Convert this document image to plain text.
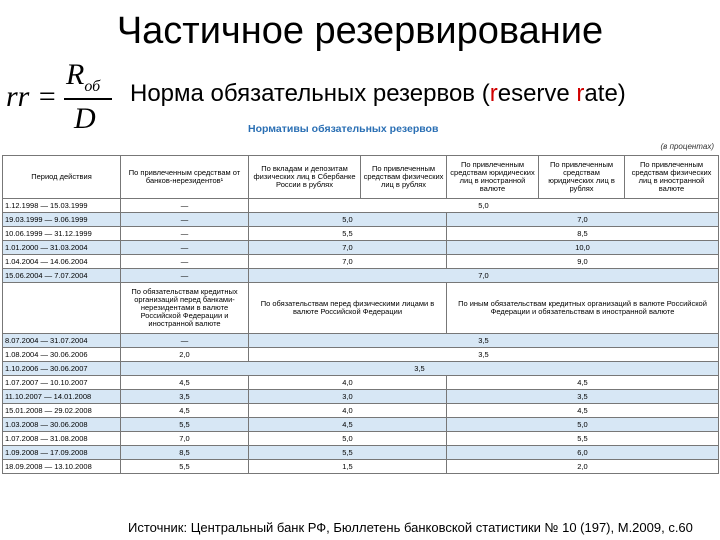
Частичное резервирование
rr =
$R_{об}$
D
Норма обязательных резервов (reserve rate)
Нормативы обязательных резервов
(в процентах)
Период действия	По привлеченным средствам от банков-нерезидентов¹	По вкладам и депозитам физических лиц в Сбербанке России в рублях	По привлеченным средствам физических лиц в рублях	По привлеченным средствам юридических лиц в иностранной валюте	По привлеченным средствам юридических лиц в рублях	По привлеченным средствам физических лиц в иностранной валюте
1.12.1998 — 15.03.1999	—	5,0				
19.03.1999 — 9.06.1999	—	5,0		7,0		
10.06.1999 — 31.12.1999	—	5,5		8,5		
1.01.2000 — 31.03.2004	—	7,0		10,0		
1.04.2004 — 14.06.2004	—	7,0		9,0		
15.06.2004 — 7.07.2004	—	7,0				
	По обязательствам кредитных организаций перед банками-нерезидентами в валюте Российской Федерации и иностранной валюте	По обязательствам перед физическими лицами в валюте Российской Федерации		По иным обязательствам кредитных организаций в валюте Российской Федерации и обязательствам в иностранной валюте		
8.07.2004 — 31.07.2004	—	3,5				
1.08.2004 — 30.06.2006	2,0	3,5				
1.10.2006 — 30.06.2007	3,5					
1.07.2007 — 10.10.2007	4,5	4,0		4,5		
11.10.2007 — 14.01.2008	3,5	3,0		3,5		
15.01.2008 — 29.02.2008	4,5	4,0		4,5		
1.03.2008 — 30.06.2008	5,5	4,5		5,0		
1.07.2008 — 31.08.2008	7,0	5,0		5,5		
1.09.2008 — 17.09.2008	8,5	5,5		6,0		
18.09.2008 — 13.10.2008	5,5	1,5		2,0		
Источник: Центральный банк РФ, Бюллетень банковской статистики № 10 (197), М.2009, с.60
